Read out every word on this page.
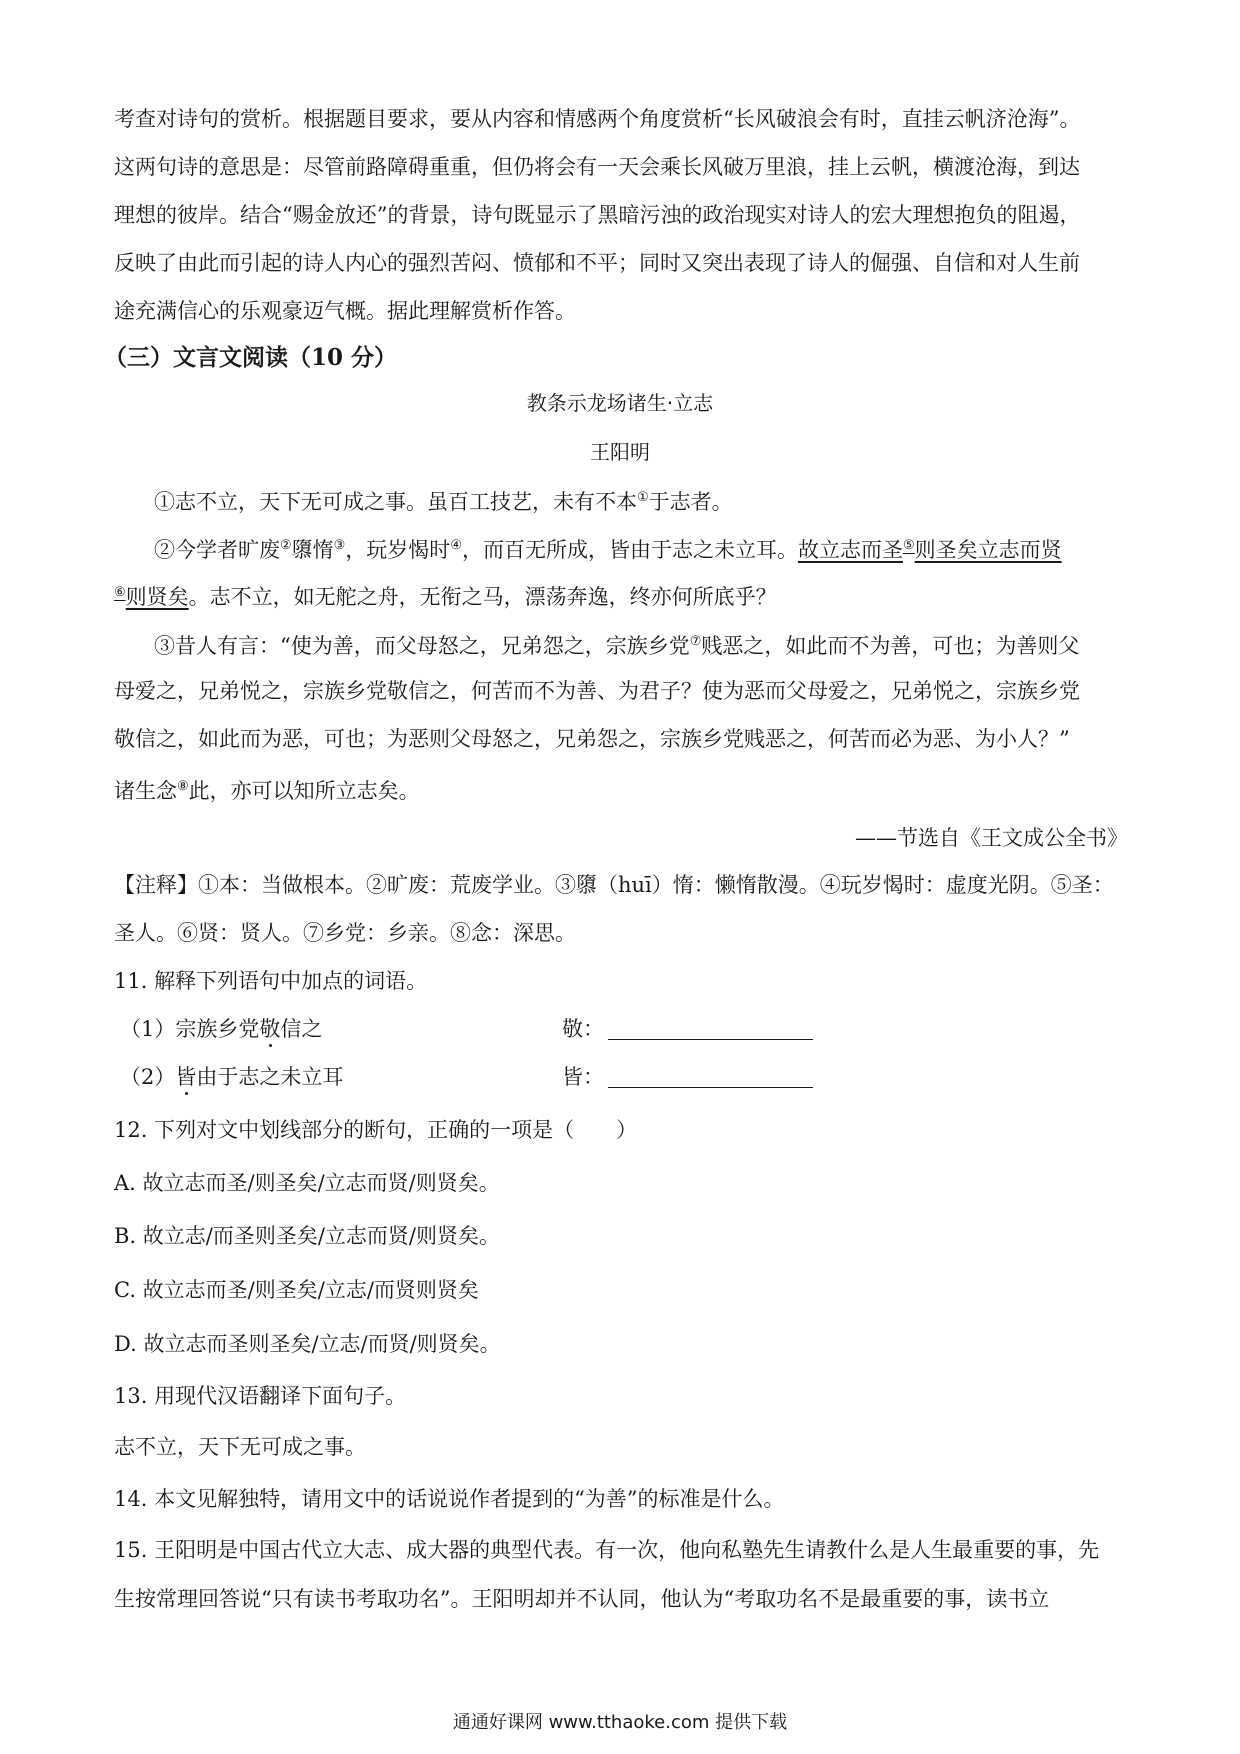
考查对诗句的赏析。根据题目要求，要从内容和情感两个角度赏析“长风破浪会有时，直挂云帆济沧海”。
这两句诗的意思是：尽管前路障碍重重，但仍将会有一天会乘长风破万里浪，挂上云帆，横渡沧海，到达
理想的彼岸。结合“赐金放还”的背景，诗句既显示了黑暗污浊的政治现实对诗人的宏大理想抱负的阻遏，
反映了由此而引起的诗人内心的强烈苦闷、愤郁和不平；同时又突出表现了诗人的倔强、自信和对人生前
途充满信心的乐观豪迈气概。据此理解赏析作答。
（三）文言文阅读（10 分）
教条示龙场诸生·立志
王阳明
①志不立，天下无可成之事。虽百工技艺，未有不本①于志者。
②今学者旷废②隳惰③，玩岁愒时④，而百无所成，皆由于志之未立耳。故立志而圣⑤则圣矣立志而贤
⑥则贤矣。志不立，如无舵之舟，无衔之马，漂荡奔逸，终亦何所底乎？
③昔人有言：“使为善，而父母怒之，兄弟怨之，宗族乡党⑦贱恶之，如此而不为善，可也；为善则父
母爱之，兄弟悦之，宗族乡党敬信之，何苦而不为善、为君子？使为恶而父母爱之，兄弟悦之，宗族乡党
敬信之，如此而为恶，可也；为恶则父母怒之，兄弟怨之，宗族乡党贱恶之，何苦而必为恶、为小人？”
诸生念⑧此，亦可以知所立志矣。
——节选自《王文成公全书》
【注释】①本：当做根本。②旷废：荒废学业。③隳（huī）惰：懒惰散漫。④玩岁愒时：虚度光阴。⑤圣：
圣人。⑥贤：贤人。⑦乡党：乡亲。⑧念：深思。
11. 解释下列语句中加点的词语。
（1）宗族乡党敬信之	敬：
（2）皆由于志之未立耳	皆：
12. 下列对文中划线部分的断句，正确的一项是（　　）
A. 故立志而圣/则圣矣/立志而贤/则贤矣。
B. 故立志/而圣则圣矣/立志而贤/则贤矣。
C. 故立志而圣/则圣矣/立志/而贤则贤矣
D. 故立志而圣则圣矣/立志/而贤/则贤矣。
13. 用现代汉语翻译下面句子。
志不立，天下无可成之事。
14. 本文见解独特，请用文中的话说说作者提到的“为善”的标准是什么。
15. 王阳明是中国古代立大志、成大器的典型代表。有一次，他向私塾先生请教什么是人生最重要的事，先
生按常理回答说“只有读书考取功名”。王阳明却并不认同，他认为“考取功名不是最重要的事，读书立
通通好课网 www.tthaoke.com 提供下载
